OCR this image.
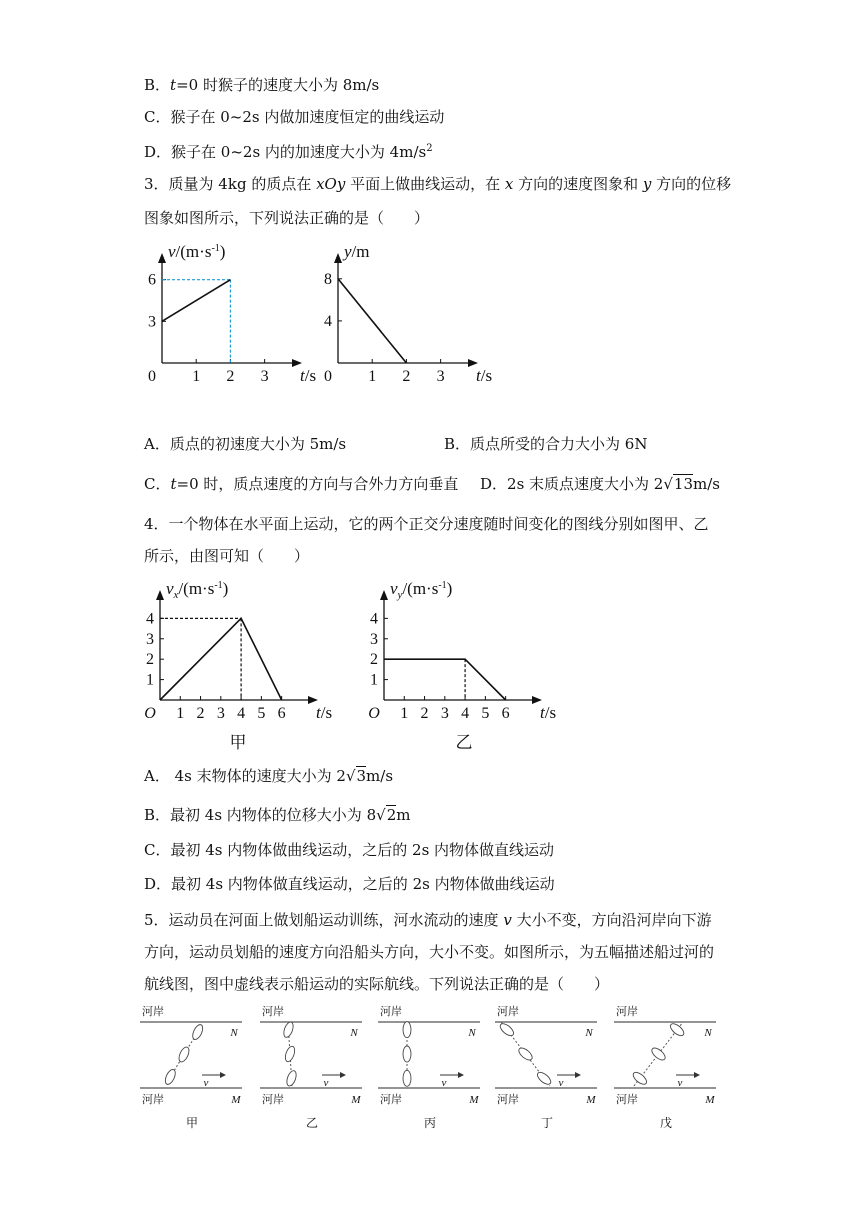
B．t=0 时猴子的速度大小为 8m/s
C．猴子在 0~2s 内做加速度恒定的曲线运动
D．猴子在 0~2s 内的加速度大小为 $4m/s^2$
3．质量为 4kg 的质点在 xOy 平面上做曲线运动，在 x 方向的速度图象和 y 方向的位移
图象如图所示，下列说法正确的是（　　）
0 1 2 3
3
6
$v/(m\cdot s^{-1})$
t/s 0 1 2 3
4
8
y/m
t/s
A．质点的初速度大小为 5m/s	B．质点所受的合力大小为 6N
C．t=0 时，质点速度的方向与合外力方向垂直 D．2s 末质点速度大小为 2√13m/s
4．一个物体在水平面上运动，它的两个正交分速度随时间变化的图线分别如图甲、乙
所示，由图可知（　　）
O 1 2 3 4 5 6
1
2
3
4
$v_x/(m\cdot s^{-1})$
t/s
甲
O 1 2 3 4 5 6
1
2
3
4
$v_y/(m\cdot s^{-1})$
t/s
乙
A． 4s 末物体的速度大小为 2√3m/s
B．最初 4s 内物体的位移大小为 8√2m
C．最初 4s 内物体做曲线运动，之后的 2s 内物体做直线运动
D．最初 4s 内物体做直线运动，之后的 2s 内物体做曲线运动
5．运动员在河面上做划船运动训练，河水流动的速度 v 大小不变，方向沿河岸向下游
方向，运动员划船的速度方向沿船头方向，大小不变。如图所示，为五幅描述船过河的
航线图，图中虚线表示船运动的实际航线。下列说法正确的是（　　）
河岸
河岸
N
M
v
甲
河岸
河岸
N
M
v
乙
河岸
河岸
N
M
v
丙
河岸
河岸
N
M
v
丁
河岸
河岸
N
M
v
戊
